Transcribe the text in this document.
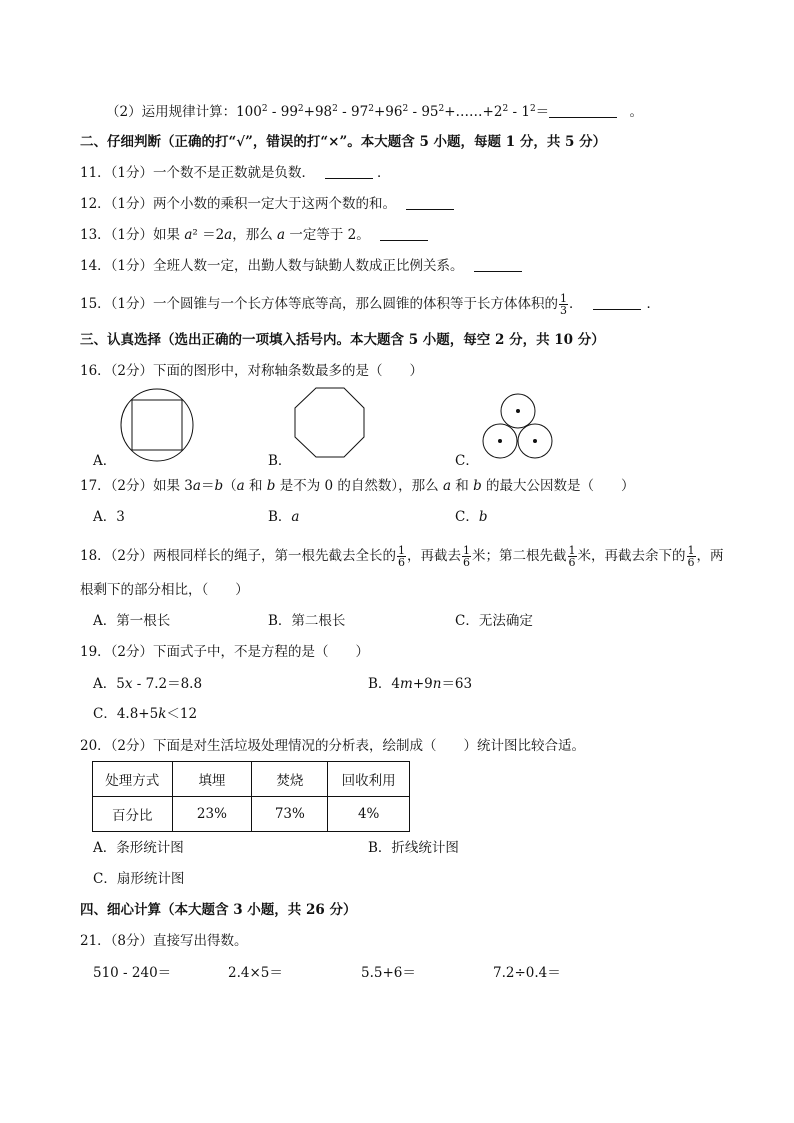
（2）运用规律计算：$100^2 - 99^2+98^2 - 97^2+96^2$ - $95^2+\dots\dots+2^2 - 1^2=$	。
二、仔细判断（正确的打“√”，错误的打“×”。本大题含 5 小题，每题 1 分，共 5 分）
11．（1分）一个数不是正数就是负数．	．
12．（1分）两个小数的乘积一定大于这两个数的和。
13．（1分）如果 a² ＝2a，那么 a 一定等于 2。
14．（1分）全班人数一定，出勤人数与缺勤人数成正比例关系。
15．（1分）一个圆锥与一个长方体等底等高，那么圆锥的体积等于长方体体积的 $\frac{1}{3}$ ．	．
三、认真选择（选出正确的一项填入括号内。本大题含 5 小题，每空 2 分，共 10 分）
16．（2分）下面的图形中，对称轴条数最多的是（　　）
A．	B．	C．
17．（2分）如果 3a＝b（a 和 b 是不为 0 的自然数），那么 a 和 b 的最大公因数是（　　）
A．3	B．a	C．b
18．（2分）两根同样长的绳子，第一根先截去全长的 $\frac{1}{6}$ ，再截去 $\frac{1}{6}$ 米；第二根先截 $\frac{1}{6}$ 米，再截去余下的 $\frac{1}{6}$ ，两
根剩下的部分相比，（　　）
A．第一根长	B．第二根长	C．无法确定
19．（2分）下面式子中，不是方程的是（　　）
A．5x - 7.2＝8.8	B．4m+9n＝63
C．4.8+5k＜12
20．（2分）下面是对生活垃圾处理情况的分析表，绘制成（　　）统计图比较合适。
处理方式	填埋	焚烧	回收利用
百分比	23%	73%	4%
A．条形统计图	B．折线统计图
C．扇形统计图
四、细心计算（本大题含 3 小题，共 26 分）
21．（8分）直接写出得数。
510 - 240＝	2.4×5＝	5.5+6＝	7.2÷0.4＝
